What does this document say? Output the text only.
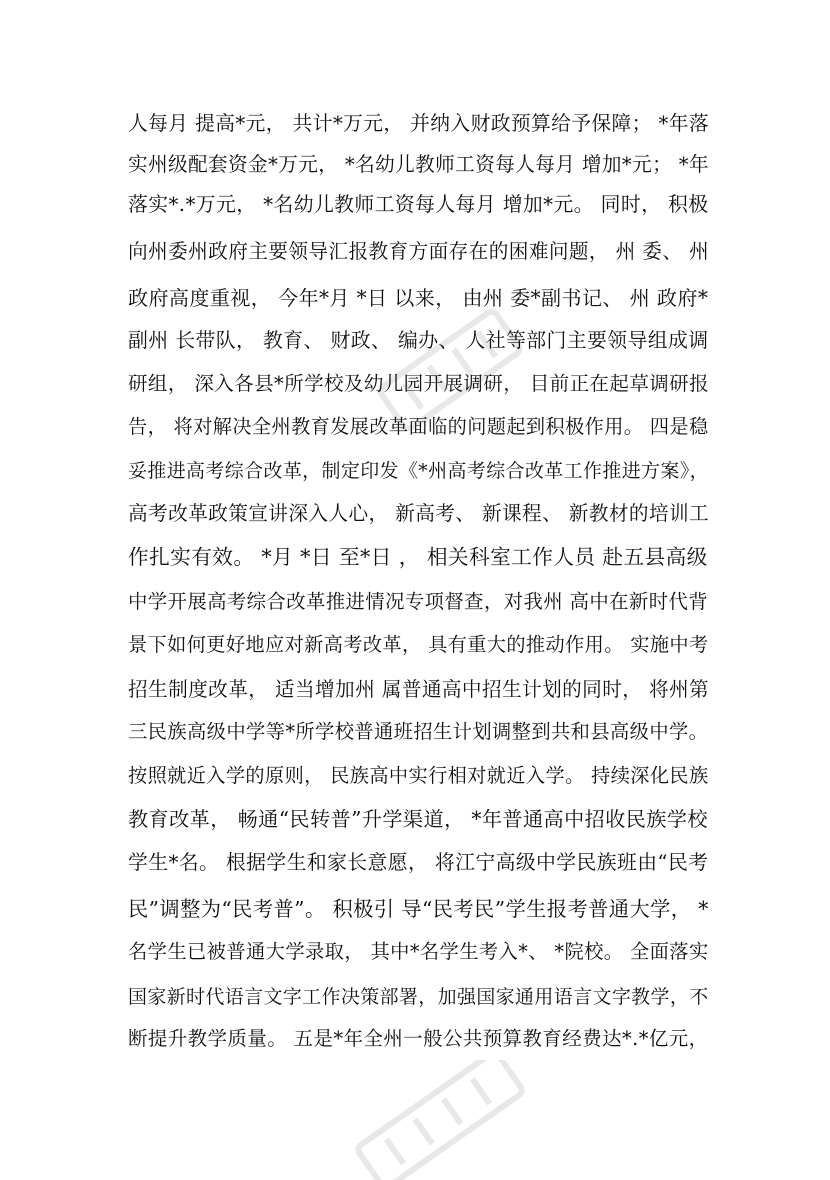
人每月 提高*元， 共计*万元， 并纳入财政预算给予保障； *年落
实州级配套资金*万元， *名幼儿教师工资每人每月 增加*元； *年
落实*.*万元， *名幼儿教师工资每人每月 增加*元。 同时， 积极
向州委州政府主要领导汇报教育方面存在的困难问题， 州 委、 州
政府高度重视， 今年*月 *日 以来， 由州 委*副书记、 州 政府*
副州 长带队， 教育、 财政、 编办、 人社等部门主要领导组成调
研组， 深入各县*所学校及幼儿园开展调研， 目前正在起草调研报
告， 将对解决全州教育发展改革面临的问题起到积极作用。 四是稳
妥推进高考综合改革，制定印发《*州高考综合改革工作推进方案》，
高考改革政策宣讲深入人心， 新高考、 新课程、 新教材的培训工
作扎实有效。 *月 *日 至*日 ， 相关科室工作人员 赴五县高级
中学开展高考综合改革推进情况专项督查，对我州 高中在新时代背
景下如何更好地应对新高考改革， 具有重大的推动作用。 实施中考
招生制度改革， 适当增加州 属普通高中招生计划的同时， 将州第
三民族高级中学等*所学校普通班招生计划调整到共和县高级中学。
按照就近入学的原则， 民族高中实行相对就近入学。 持续深化民族
教育改革， 畅通“民转普”升学渠道， *年普通高中招收民族学校
学生*名。 根据学生和家长意愿， 将江宁高级中学民族班由“民考
民”调整为“民考普”。 积极引 导“民考民”学生报考普通大学， *
名学生已被普通大学录取， 其中*名学生考入*、 *院校。 全面落实
国家新时代语言文字工作决策部署，加强国家通用语言文字教学，不
断提升教学质量。 五是*年全州一般公共预算教育经费达*.*亿元，
